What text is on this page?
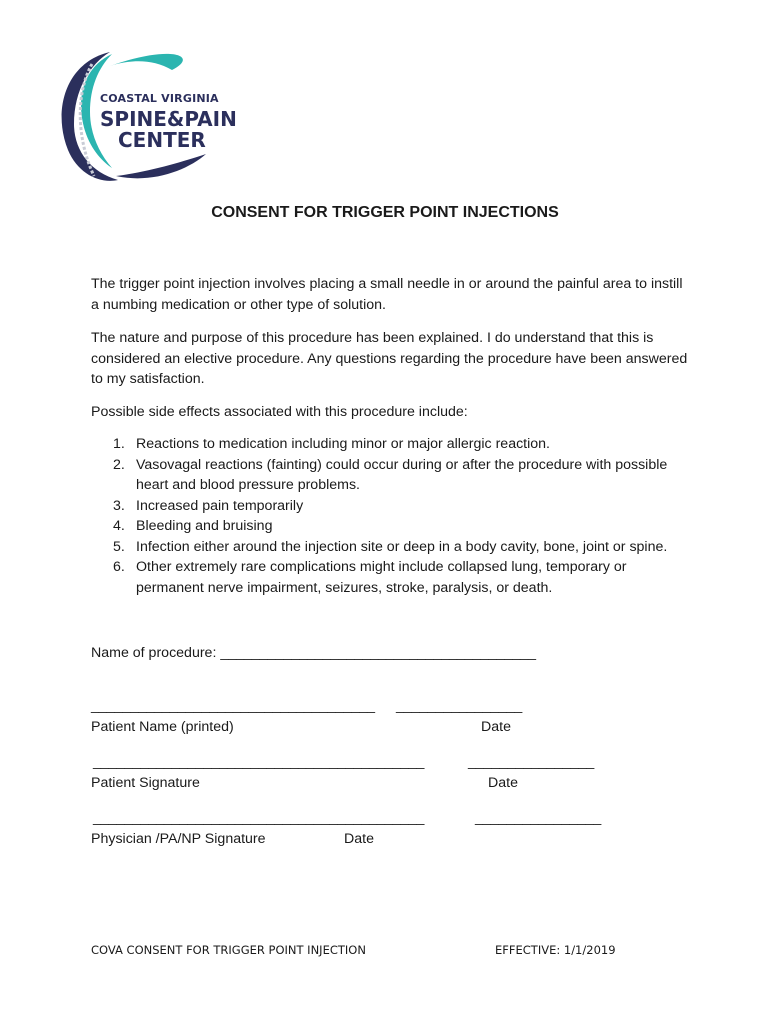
COASTAL VIRGINIA
SPINE&PAIN
CENTER
CONSENT FOR TRIGGER POINT INJECTIONS
The trigger point injection involves placing a small needle in or around the painful area to instill a numbing medication or other type of solution.
The nature and purpose of this procedure has been explained. I do understand that this is considered an elective procedure. Any questions regarding the procedure have been answered to my satisfaction.
Possible side effects associated with this procedure include:
1. Reactions to medication including minor or major allergic reaction.
2. Vasovagal reactions (fainting) could occur during or after the procedure with possible heart and blood pressure problems.
3. Increased pain temporarily
4. Bleeding and bruising
5. Infection either around the injection site or deep in a body cavity, bone, joint or spine.
6. Other extremely rare complications might include collapsed lung, temporary or permanent nerve impairment, seizures, stroke, paralysis, or death.
Name of procedure: ________________________________________
____________________________________ ________________
Patient Name (printed)	Date
__________________________________________	________________
Patient Signature	Date
__________________________________________	________________
Physician /PA/NP Signature	Date
COVA CONSENT FOR TRIGGER POINT INJECTION	EFFECTIVE: 1/1/2019
